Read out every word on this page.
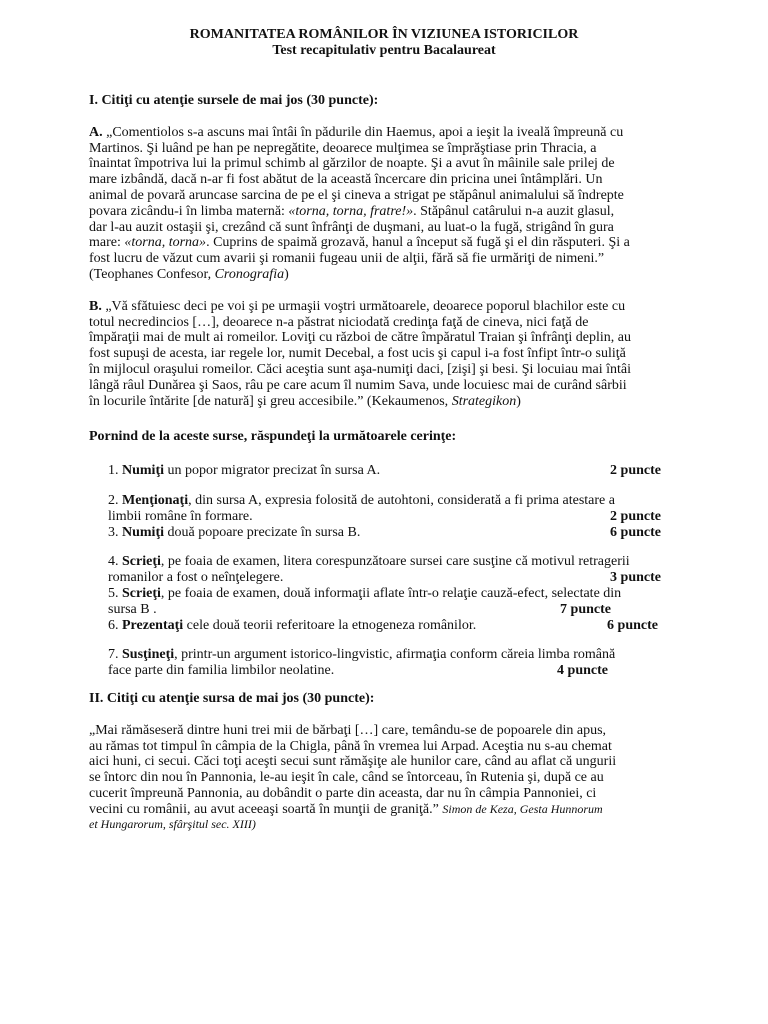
ROMANITATEA ROMÂNILOR ÎN VIZIUNEA ISTORICILOR
Test recapitulativ pentru Bacalaureat
I. Citiţi cu atenţie sursele de mai jos (30 puncte):
A. „Comentiolos s-a ascuns mai întâi în pădurile din Haemus, apoi a ieşit la iveală împreună cu
Martinos. Şi luând pe han pe nepregătite, deoarece mulţimea se împrăştiase prin Thracia, a
înaintat împotriva lui la primul schimb al gărzilor de noapte. Şi a avut în mâinile sale prilej de
mare izbândă, dacă n-ar fi fost abătut de la această încercare din pricina unei întâmplări. Un
animal de povară aruncase sarcina de pe el şi cineva a strigat pe stăpânul animalului să îndrepte
povara zicându-i în limba maternă: «torna, torna, fratre!». Stăpânul catârului n-a auzit glasul,
dar l-au auzit ostaşii şi, crezând că sunt înfrânţi de duşmani, au luat-o la fugă, strigând în gura
mare: «torna, torna». Cuprins de spaimă grozavă, hanul a început să fugă şi el din răsputeri. Şi a
fost lucru de văzut cum avarii şi romanii fugeau unii de alţii, fără să fie urmăriţi de nimeni.”
(Teophanes Confesor, Cronografia)
B. „Vă sfătuiesc deci pe voi şi pe urmaşii voştri următoarele, deoarece poporul blachilor este cu
totul necredincios […], deoarece n-a păstrat niciodată credinţa faţă de cineva, nici faţă de
împăraţii mai de mult ai romeilor. Loviţi cu război de către împăratul Traian şi înfrânţi deplin, au
fost supuşi de acesta, iar regele lor, numit Decebal, a fost ucis şi capul i-a fost înfipt într-o suliţă
în mijlocul oraşului romeilor. Căci aceştia sunt aşa-numiţi daci, [zişi] şi besi. Şi locuiau mai întâi
lângă râul Dunărea şi Saos, râu pe care acum îl numim Sava, unde locuiesc mai de curând sârbii
în locurile întărite [de natură] şi greu accesibile.” (Kekaumenos, Strategikon)
Pornind de la aceste surse, răspundeţi la următoarele cerinţe:
1. Numiţi un popor migrator precizat în sursa A.	2 puncte
2. Menţionaţi, din sursa A, expresia folosită de autohtoni, considerată a fi prima atestare a
limbii române în formare.	2 puncte
3. Numiţi două popoare precizate în sursa B.	6 puncte
4. Scrieţi, pe foaia de examen, litera corespunzătoare sursei care susţine că motivul retragerii
romanilor a fost o neînţelegere.	3 puncte
5. Scrieţi, pe foaia de examen, două informaţii aflate într-o relaţie cauză-efect, selectate din
sursa B .	7 puncte
6. Prezentaţi cele două teorii referitoare la etnogeneza românilor.	6 puncte
7. Susţineţi, printr-un argument istorico-lingvistic, afirmaţia conform căreia limba română
face parte din familia limbilor neolatine.	4 puncte
II. Citiţi cu atenţie sursa de mai jos (30 puncte):
„Mai rămăseseră dintre huni trei mii de bărbaţi […] care, temându-se de popoarele din apus,
au rămas tot timpul în câmpia de la Chigla, până în vremea lui Arpad. Aceştia nu s-au chemat
aici huni, ci secui. Căci toţi aceşti secui sunt rămăşiţe ale hunilor care, când au aflat că ungurii
se întorc din nou în Pannonia, le-au ieşit în cale, când se întorceau, în Rutenia şi, după ce au
cucerit împreună Pannonia, au dobândit o parte din aceasta, dar nu în câmpia Pannoniei, ci
vecini cu românii, au avut aceeaşi soartă în munţii de graniţă.” Simon de Keza, Gesta Hunnorum
et Hungarorum, sfârşitul sec. XIII)
